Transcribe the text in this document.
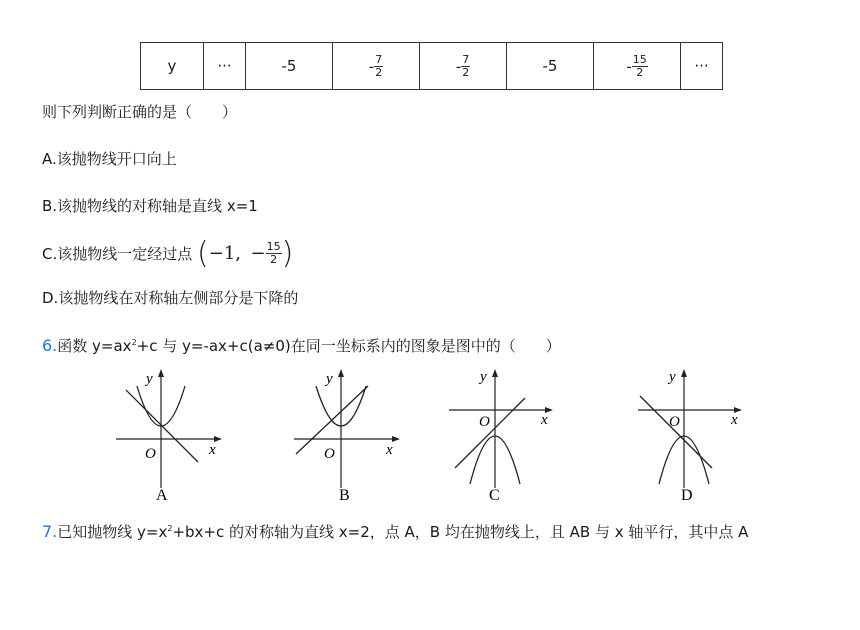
y	···	-5	- $\frac{7}{2}$	- $\frac{7}{2}$	-5	- $\frac{15}{2}$	···
则下列判断正确的是（　　）
A.该抛物线开口向上
B.该抛物线的对称轴是直线 x=1
C.该抛物线一定经过点 (−1, − $\frac{15}{2}$ )
D.该抛物线在对称轴左侧部分是下降的
6.函数 $y=ax^2+c$ 与 y=-ax+c(a≠0)在同一坐标系内的图象是图中的（　　）
O	x
y
A
O	x
y
B
O	x
y
C
O	x
y
D
7.已知抛物线 $y=x^2+bx+c$ 的对称轴为直线 x=2，点 A，B 均在抛物线上，且 AB 与 x 轴平行，其中点 A
